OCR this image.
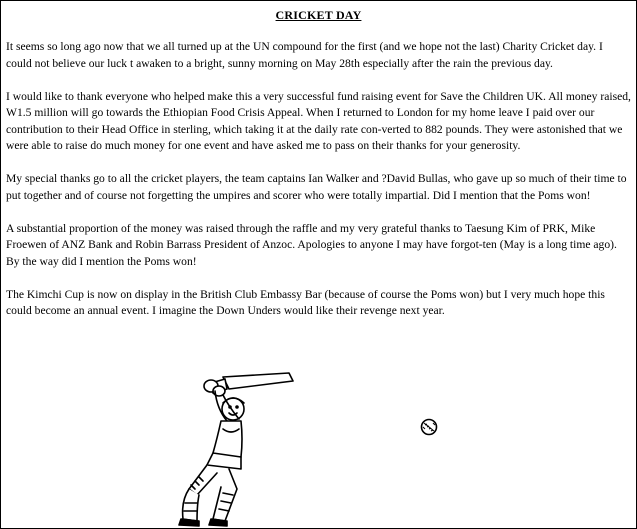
CRICKET DAY

It seems so long ago now that we all turned up at the UN compound for the first (and we hope not the last) Charity Cricket day. I could not believe our luck t awaken to a bright, sunny morning on May 28th especially after the rain the previous day.

I would like to thank everyone who helped make this a very successful fund raising event for Save the Children UK. All money raised, W1.5 million will go towards the Ethiopian Food Crisis Appeal. When I returned to London for my home leave I paid over our contribution to their Head Office in sterling, which taking it at the daily rate con-verted to 882 pounds. They were astonished that we were able to raise do much money for one event and have asked me to pass on their thanks for your generosity.

My special thanks go to all the cricket players, the team captains Ian Walker and ?David Bullas, who gave up so much of their time to put together and of course not forgetting the umpires and scorer who were totally impartial. Did I mention that the Poms won!

A substantial proportion of the money was raised through the raffle and my very grateful thanks to Taesung Kim of PRK, Mike Froewen of ANZ Bank and Robin Barrass President of Anzoc. Apologies to anyone I may have forgot-ten (May is a long time ago). By the way did I mention the Poms won!

The Kimchi Cup is now on display in the British Club Embassy Bar (because of course the Poms won) but I very much hope this could become an annual event. I imagine the Down Unders would like their revenge next year.
